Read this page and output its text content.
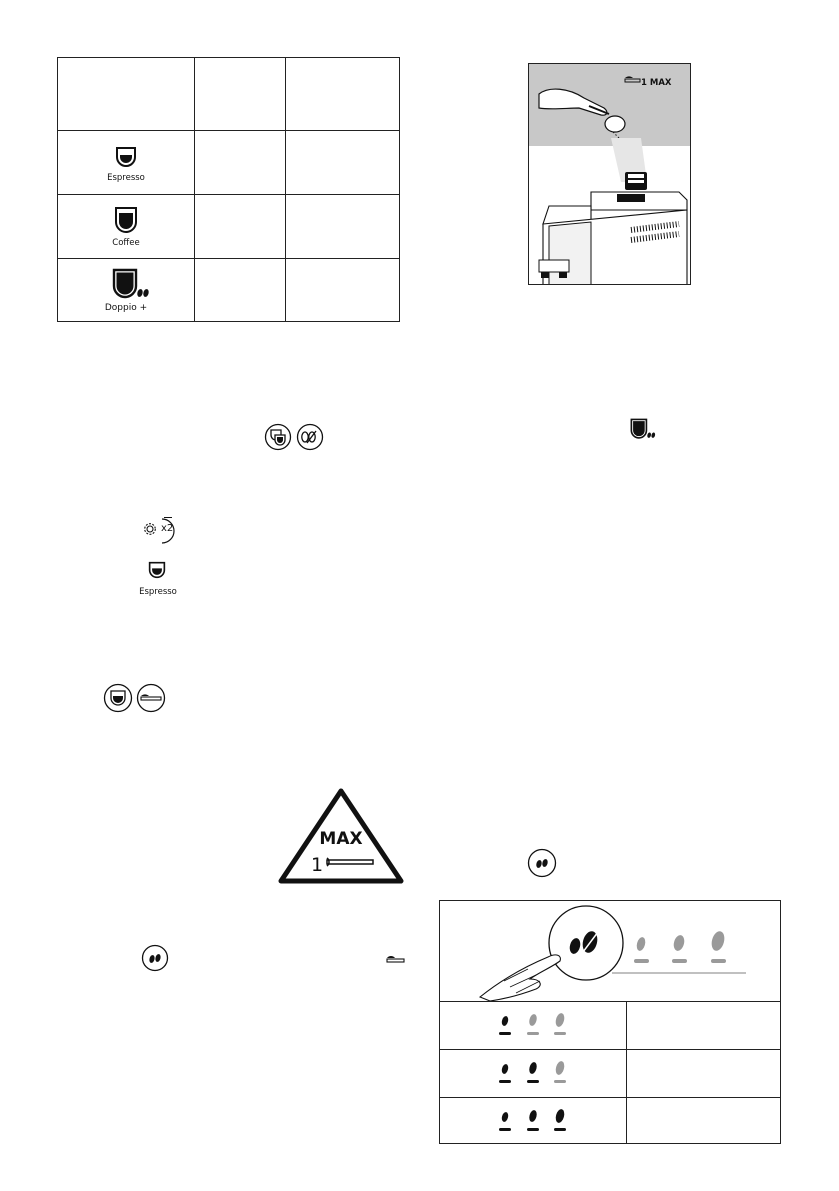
Espresso
Coffee
Doppio +
x2
Espresso
MAX
1
1 MAX
